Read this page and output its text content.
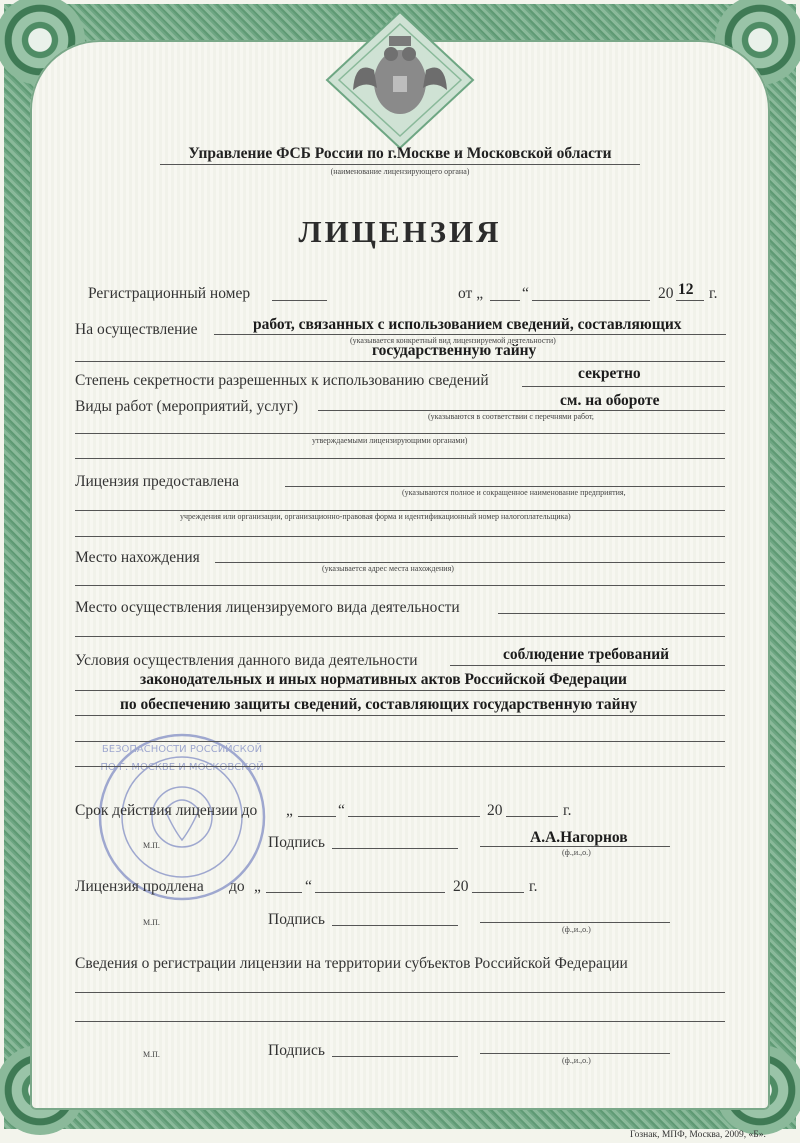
БЕЗОПАСНОСТИ РОССИЙСКОЙ
ПО Г. МОСКВЕ И МОСКОВСКОЙ
Управление ФСБ России по г.Москве и Московской области
(наименование лицензирующего органа)
ЛИЦЕНЗИЯ
Регистрационный номер	от „	“	20 12 г.
На осуществление	работ, связанных с использованием сведений, составляющих
(указывается конкретный вид лицензируемой деятельности)
государственную тайну
Степень секретности разрешенных к использованию сведений	секретно
Виды работ (мероприятий, услуг)	см. на обороте
(указываются в соответствии с перечнями работ,
утверждаемыми лицензирующими органами)
Лицензия предоставлена
(указываются полное и сокращенное наименование предприятия,
учреждения или организации, организационно-правовая форма и идентификационный номер налогоплательщика)
Место нахождения
(указывается адрес места нахождения)
Место осуществления лицензируемого вида деятельности
Условия осуществления данного вида деятельности	соблюдение требований
законодательных и иных нормативных актов Российской Федерации
по обеспечению защиты сведений, составляющих государственную тайну
Срок действия лицензии до „	“	20	г.
М.П.	Подпись	А.А.Нагорнов
(ф.,и.,о.)
Лицензия продлена до „	“	20	г.
М.П.	Подпись
(ф.,и.,о.)
Сведения о регистрации лицензии на территории субъектов Российской Федерации
М.П.	Подпись
(ф.,и.,о.)
Гознак, МПФ, Москва, 2009, «Б».
